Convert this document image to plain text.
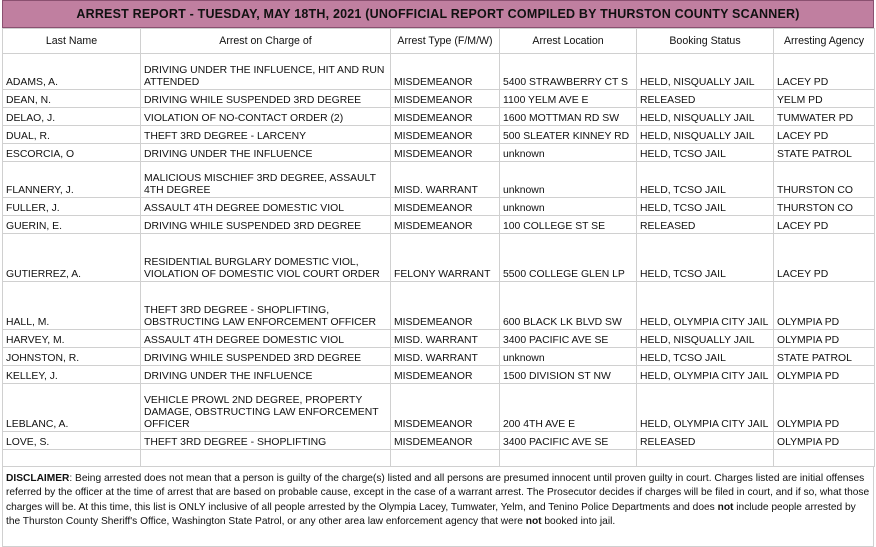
ARREST REPORT - TUESDAY, MAY 18TH, 2021 (UNOFFICIAL REPORT COMPILED BY THURSTON COUNTY SCANNER)
Last Name	Arrest on Charge of	Arrest Type (F/M/W)	Arrest Location	Booking Status	Arresting Agency
ADAMS, A.	DRIVING UNDER THE INFLUENCE, HIT AND RUN ATTENDED	MISDEMEANOR	5400 STRAWBERRY CT S	HELD, NISQUALLY JAIL	LACEY PD
DEAN, N.	DRIVING WHILE SUSPENDED 3RD DEGREE	MISDEMEANOR	1100 YELM AVE E	RELEASED	YELM PD
DELAO, J.	VIOLATION OF NO-CONTACT ORDER (2)	MISDEMEANOR	1600 MOTTMAN RD SW	HELD, NISQUALLY JAIL	TUMWATER PD
DUAL, R.	THEFT 3RD DEGREE - LARCENY	MISDEMEANOR	500 SLEATER KINNEY RD	HELD, NISQUALLY JAIL	LACEY PD
ESCORCIA, O	DRIVING UNDER THE INFLUENCE	MISDEMEANOR	unknown	HELD, TCSO JAIL	STATE PATROL
FLANNERY, J.	MALICIOUS MISCHIEF 3RD DEGREE, ASSAULT 4TH DEGREE	MISD. WARRANT	unknown	HELD, TCSO JAIL	THURSTON CO
FULLER, J.	ASSAULT 4TH DEGREE DOMESTIC VIOL	MISDEMEANOR	unknown	HELD, TCSO JAIL	THURSTON CO
GUERIN, E.	DRIVING WHILE SUSPENDED 3RD DEGREE	MISDEMEANOR	100 COLLEGE ST SE	RELEASED	LACEY PD
GUTIERREZ, A.	RESIDENTIAL BURGLARY DOMESTIC VIOL, VIOLATION OF DOMESTIC VIOL COURT ORDER	FELONY WARRANT	5500 COLLEGE GLEN LP	HELD, TCSO JAIL	LACEY PD
HALL, M.	THEFT 3RD DEGREE - SHOPLIFTING, OBSTRUCTING LAW ENFORCEMENT OFFICER	MISDEMEANOR	600 BLACK LK BLVD SW	HELD, OLYMPIA CITY JAIL	OLYMPIA PD
HARVEY, M.	ASSAULT 4TH DEGREE DOMESTIC VIOL	MISD. WARRANT	3400 PACIFIC AVE SE	HELD, NISQUALLY JAIL	OLYMPIA PD
JOHNSTON, R.	DRIVING WHILE SUSPENDED 3RD DEGREE	MISD. WARRANT	unknown	HELD, TCSO JAIL	STATE PATROL
KELLEY, J.	DRIVING UNDER THE INFLUENCE	MISDEMEANOR	1500 DIVISION ST NW	HELD, OLYMPIA CITY JAIL	OLYMPIA PD
LEBLANC, A.	VEHICLE PROWL 2ND DEGREE, PROPERTY DAMAGE, OBSTRUCTING LAW ENFORCEMENT OFFICER	MISDEMEANOR	200 4TH AVE E	HELD, OLYMPIA CITY JAIL	OLYMPIA PD
LOVE, S.	THEFT 3RD DEGREE - SHOPLIFTING	MISDEMEANOR	3400 PACIFIC AVE SE	RELEASED	OLYMPIA PD

DISCLAIMER: Being arrested does not mean that a person is guilty of the charge(s) listed and all persons are presumed innocent until proven guilty in court. Charges listed are initial offenses referred by the officer at the time of arrest that are based on probable cause, except in the case of a warrant arrest. The Prosecutor decides if charges will be filed in court, and if so, what those charges will be. At this time, this list is ONLY inclusive of all people arrested by the Olympia Lacey, Tumwater, Yelm, and Tenino Police Departments and does not include people arrested by the Thurston County Sheriff's Office, Washington State Patrol, or any other area law enforcement agency that were not booked into jail.
